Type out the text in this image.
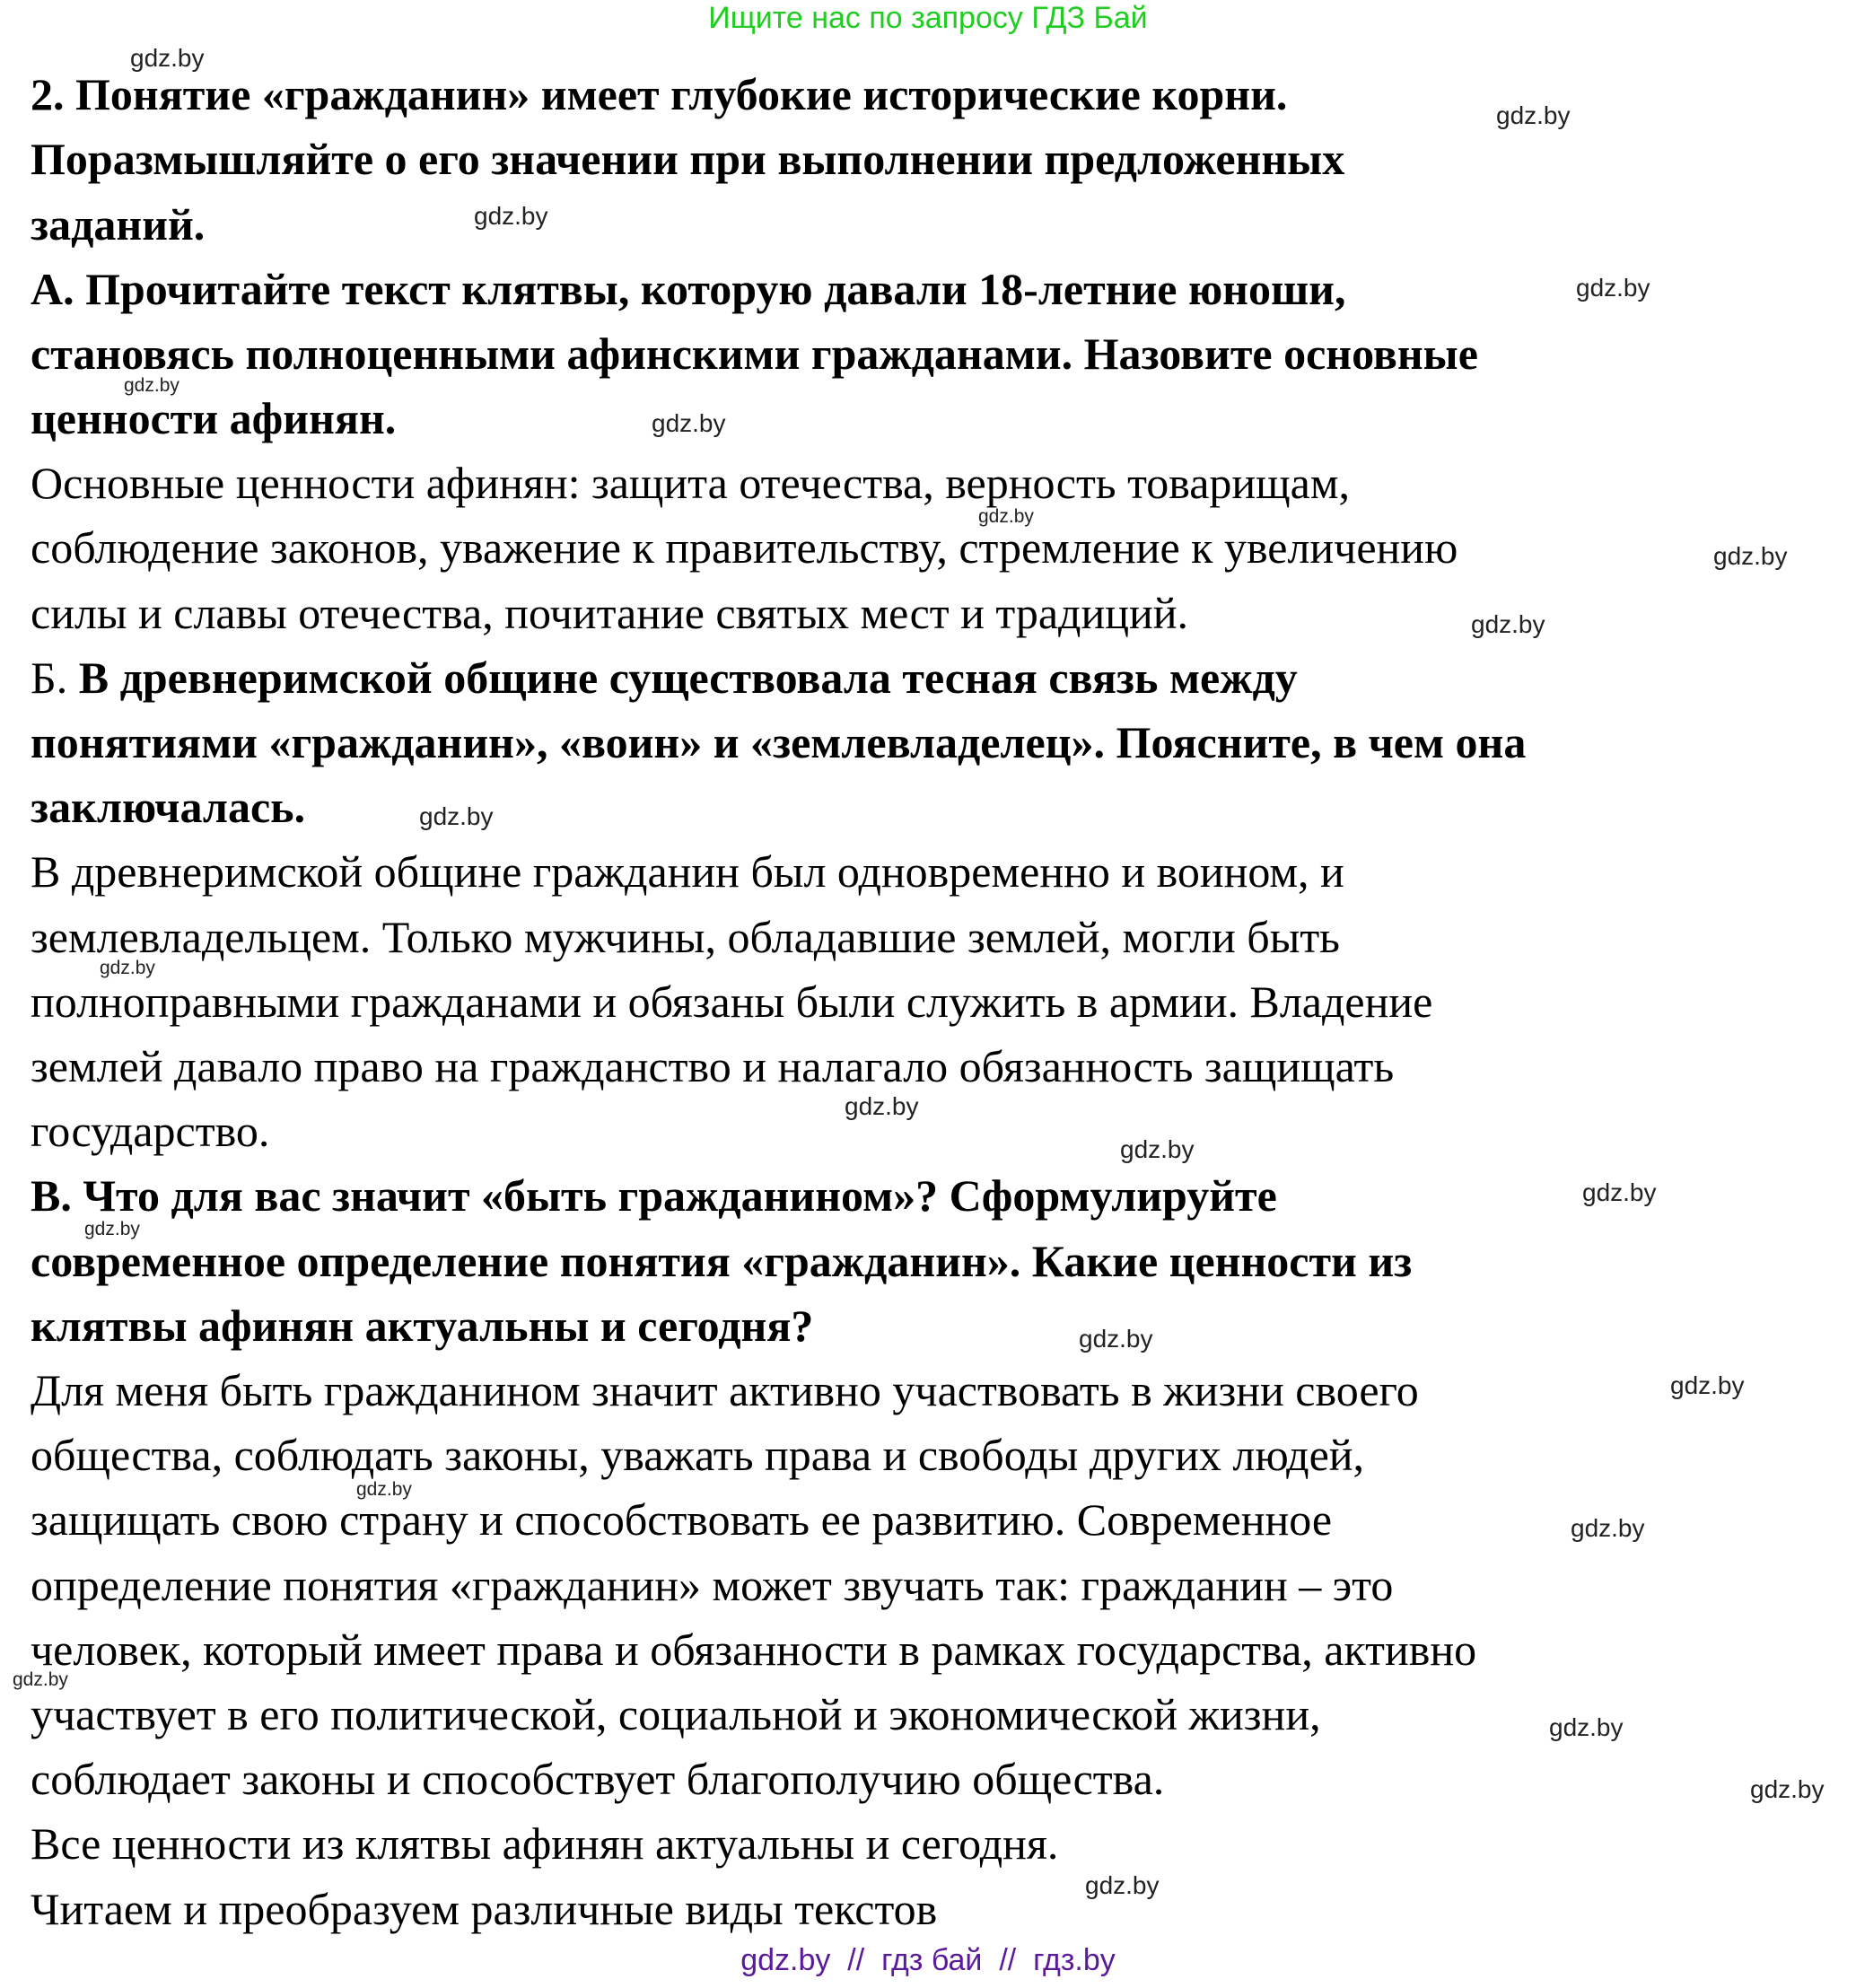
Ищите нас по запросу ГДЗ Бай
2. Понятие «гражданин» имеет глубокие исторические корни.
Поразмышляйте о его значении при выполнении предложенных
заданий.
А. Прочитайте текст клятвы, которую давали 18-летние юноши,
становясь полноценными афинскими гражданами. Назовите основные
ценности афинян.
Основные ценности афинян: защита отечества, верность товарищам,
соблюдение законов, уважение к правительству, стремление к увеличению
силы и славы отечества, почитание святых мест и традиций.
Б. В древнеримской общине существовала тесная связь между
понятиями «гражданин», «воин» и «землевладелец». Поясните, в чем она
заключалась.
В древнеримской общине гражданин был одновременно и воином, и
землевладельцем. Только мужчины, обладавшие землей, могли быть
полноправными гражданами и обязаны были служить в армии. Владение
землей давало право на гражданство и налагало обязанность защищать
государство.
В. Что для вас значит «быть гражданином»? Сформулируйте
современное определение понятия «гражданин». Какие ценности из
клятвы афинян актуальны и сегодня?
Для меня быть гражданином значит активно участвовать в жизни своего
общества, соблюдать законы, уважать права и свободы других людей,
защищать свою страну и способствовать ее развитию. Современное
определение понятия «гражданин» может звучать так: гражданин – это
человек, который имеет права и обязанности в рамках государства, активно
участвует в его политической, социальной и экономической жизни,
соблюдает законы и способствует благополучию общества.
Все ценности из клятвы афинян актуальны и сегодня.
Читаем и преобразуем различные виды текстов
gdz.by
gdz.by
gdz.by
gdz.by
gdz.by
gdz.by
gdz.by
gdz.by
gdz.by
gdz.by
gdz.by
gdz.by
gdz.by
gdz.by
gdz.by
gdz.by
gdz.by
gdz.by
gdz.by
gdz.by
gdz.by
gdz.by
gdz.by
gdz.by  //  гдз бай  //  гдз.by
